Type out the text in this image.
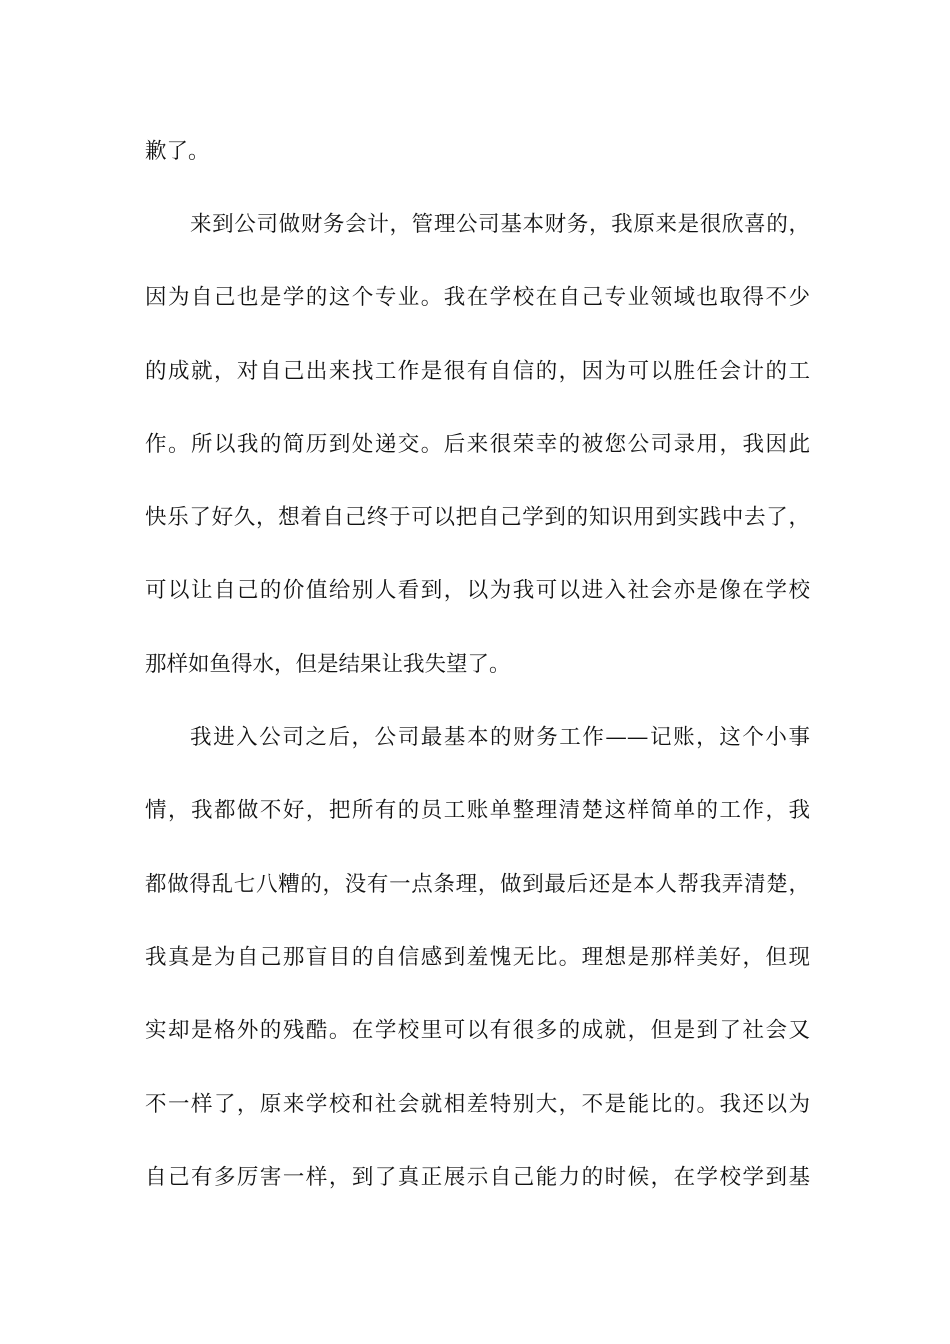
歉了。
来到公司做财务会计，管理公司基本财务，我原来是很欣喜的，
因为自己也是学的这个专业。我在学校在自己专业领域也取得不少
的成就，对自己出来找工作是很有自信的，因为可以胜任会计的工
作。所以我的简历到处递交。后来很荣幸的被您公司录用，我因此
快乐了好久，想着自己终于可以把自己学到的知识用到实践中去了，
可以让自己的价值给别人看到，以为我可以进入社会亦是像在学校
那样如鱼得水，但是结果让我失望了。
我进入公司之后，公司最基本的财务工作——记账，这个小事
情，我都做不好，把所有的员工账单整理清楚这样简单的工作，我
都做得乱七八糟的，没有一点条理，做到最后还是本人帮我弄清楚，
我真是为自己那盲目的自信感到羞愧无比。理想是那样美好，但现
实却是格外的残酷。在学校里可以有很多的成就，但是到了社会又
不一样了，原来学校和社会就相差特别大，不是能比的。我还以为
自己有多厉害一样，到了真正展示自己能力的时候，在学校学到基
